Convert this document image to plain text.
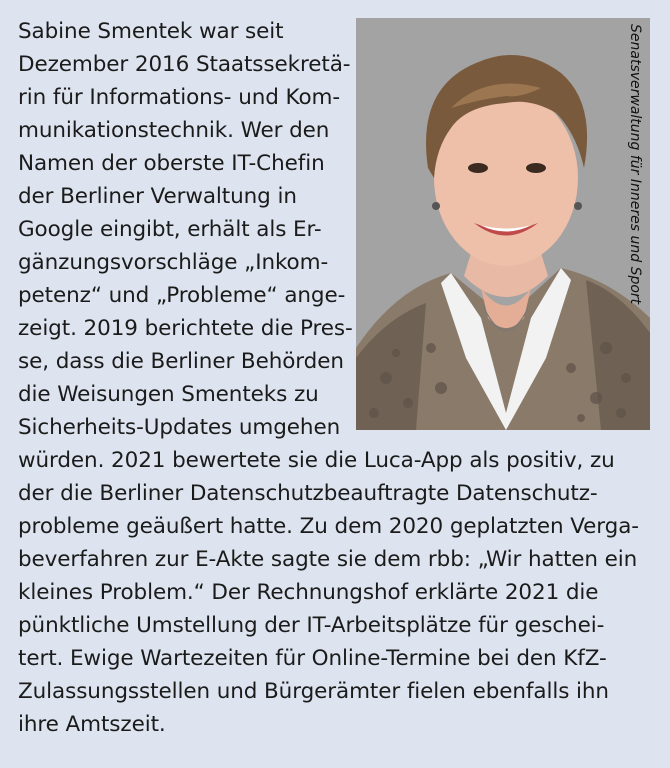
Senatsverwaltung für Inneres und Sport
Sabine Smentek war seit
Dezember 2016 Staatssekretä-
rin für Informations- und Kom-
munikationstechnik. Wer den
Namen der oberste IT-Chefin
der Berliner Verwaltung in
Google eingibt, erhält als Er-
gänzungsvorschläge „Inkom-
petenz“ und „Probleme“ ange-
zeigt. 2019 berichtete die Pres-
se, dass die Berliner Behörden
die Weisungen Smenteks zu
Sicherheits-Updates umgehen
würden. 2021 bewertete sie die Luca-App als positiv, zu
der die Berliner Datenschutzbeauftragte Datenschutz-
probleme geäußert hatte. Zu dem 2020 geplatzten Verga-
beverfahren zur E-Akte sagte sie dem rbb: „Wir hatten ein
kleines Problem.“ Der Rechnungshof erklärte 2021 die
pünktliche Umstellung der IT-Arbeitsplätze für geschei-
tert. Ewige Wartezeiten für Online-Termine bei den KfZ-
Zulassungsstellen und Bürgerämter fielen ebenfalls ihn
ihre Amtszeit.
